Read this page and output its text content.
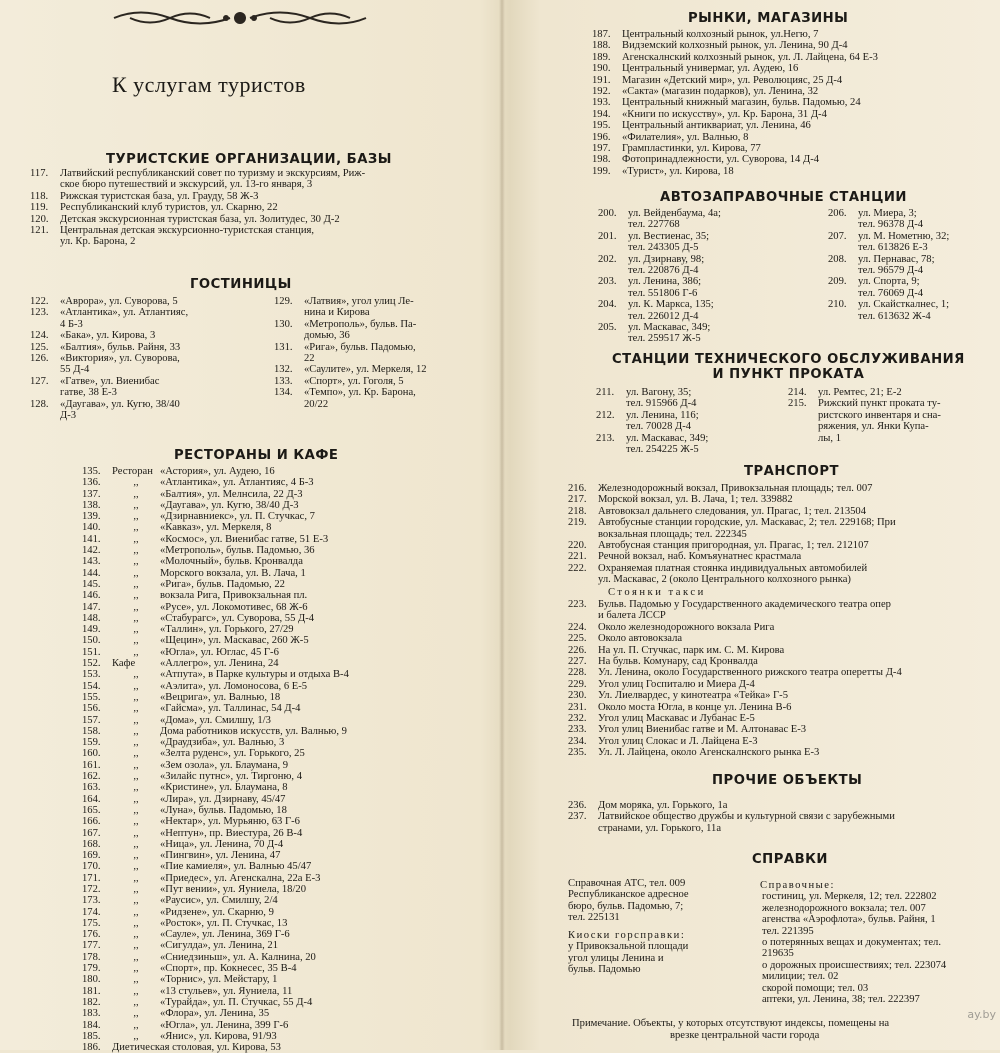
К услугам туристов
ТУРИСТСКИЕ ОРГАНИЗАЦИИ, БАЗЫ
117. Латвийский республиканский совет по туризму и экскурсиям, Риж-
ское бюро путешествий и экскурсий, ул. 13-го января, 3
118. Рижская туристская база, ул. Грауду, 58 Ж-3
119. Республиканский клуб туристов, ул. Скарню, 22
120. Детская экскурсионная туристская база, ул. Золитудес, 30 Д-2
121. Центральная детская экскурсионно-туристская станция,
ул. Кр. Барона, 2
ГОСТИНИЦЫ
122. «Аврора», ул. Суворова, 5
123. «Атлантика», ул. Атлантияс,
4 Б-3
124. «Бака», ул. Кирова, 3
125. «Балтия», бульв. Райня, 33
126. «Виктория», ул. Суворова,
55 Д-4
127. «Гатве», ул. Виенибас
гатве, 38 Е-3
128. «Даугава», ул. Кугю, 38/40
Д-3
129. «Латвия», угол улиц Ле-
нина и Кирова
130. «Метрополь», бульв. Па-
домью, 36
131. «Рига», бульв. Падомью,
22
132. «Саулите», ул. Меркеля, 12
133. «Спорт», ул. Гоголя, 5
134. «Темпо», ул. Кр. Барона,
20/22
РЕСТОРАНЫ И КАФЕ
135. Ресторан «Астория», ул. Аудею, 16
136.	,, «Атлантика», ул. Атлантияс, 4 Б-3
137.	,, «Балтия», ул. Мелнсила, 22 Д-3
138.	,, «Даугава», ул. Кугю, 38/40 Д-3
139.	,, «Дзирнавниекс», ул. П. Стучкас, 7
140.	,, «Кавказ», ул. Меркеля, 8
141.	,, «Космос», ул. Виенибас гатве, 51 Е-3
142.	,, «Метрополь», бульв. Падомью, 36
143.	,, «Молочный», бульв. Кронвалда
144.	,, Морского вокзала, ул. В. Лача, 1
145.	,, «Рига», бульв. Падомью, 22
146.	,, вокзала Рига, Привокзальная пл.
147.	,, «Русе», ул. Локомотивес, 68 Ж-6
148.	,, «Стабурагс», ул. Суворова, 55 Д-4
149.	,, «Таллин», ул. Горького, 27/29
150.	,, «Щецин», ул. Маскавас, 260 Ж-5
151.	,, «Югла», ул. Юглас, 45 Г-6
152. Кафе «Аллегро», ул. Ленина, 24
153.	,, «Атпута», в Парке культуры и отдыха В-4
154.	,, «Аэлита», ул. Ломоносова, 6 Е-5
155.	,, «Вецрига», ул. Валнью, 18
156.	,, «Гайсма», ул. Таллинас, 54 Д-4
157.	,, «Дома», ул. Смилшу, 1/3
158.	,, Дома работников искусств, ул. Валнью, 9
159.	,, «Драудзиба», ул. Валнью, 3
160.	,, «Зелта руденс», ул. Горького, 25
161.	,, «Зем озола», ул. Блаумана, 9
162.	,, «Зилайс путнс», ул. Тиргоню, 4
163.	,, «Кристине», ул. Блаумана, 8
164.	,, «Лира», ул. Дзирнаву, 45/47
165.	,, «Луна», бульв. Падомью, 18
166.	,, «Нектар», ул. Мурьяню, 63 Г-6
167.	,, «Нептун», пр. Виестура, 26 В-4
168.	,, «Ница», ул. Ленина, 70 Д-4
169.	,, «Пингвин», ул. Ленина, 47
170.	,, «Пие камиеля», ул. Валнью 45/47
171.	,, «Приедес», ул. Агенскална, 22а Е-3
172.	,, «Пут вении», ул. Яуниела, 18/20
173.	,, «Раусис», ул. Смилшу, 2/4
174.	,, «Ридзене», ул. Скарню, 9
175.	,, «Росток», ул. П. Стучкас, 13
176.	,, «Сауле», ул. Ленина, 369 Г-6
177.	,, «Сигулда», ул. Ленина, 21
178.	,, «Сниедзиньш», ул. А. Калнина, 20
179.	,, «Спорт», пр. Кокнесес, 35 В-4
180.	,, «Торнис», ул. Мейстару, 1
181.	,, «13 стульев», ул. Яуниела, 11
182.	,, «Турайда», ул. П. Стучкас, 55 Д-4
183.	,, «Флора», ул. Ленина, 35
184.	,, «Югла», ул. Ленина, 399 Г-6
185.	,, «Янис», ул. Кирова, 91/93
186. Диетическая столовая, ул. Кирова, 53
РЫНКИ, МАГАЗИНЫ
187. Центральный колхозный рынок, ул.Негю, 7
188. Видземский колхозный рынок, ул. Ленина, 90 Д-4
189. Агенскалнский колхозный рынок, ул. Л. Лайцена, 64 Е-3
190. Центральный универмаг, ул. Аудею, 16
191. Магазин «Детский мир», ул. Революцияс, 25 Д-4
192. «Сакта» (магазин подарков), ул. Ленина, 32
193. Центральный книжный магазин, бульв. Падомью, 24
194. «Книги по искусству», ул. Кр. Барона, 31 Д-4
195. Центральный антиквариат, ул. Ленина, 46
196. «Филателия», ул. Валнью, 8
197. Грампластинки, ул. Кирова, 77
198. Фотопринадлежности, ул. Суворова, 14 Д-4
199. «Турист», ул. Кирова, 18
АВТОЗАПРАВОЧНЫЕ СТАНЦИИ
200. ул. Вейденбаума, 4а;
тел. 227768
201. ул. Вестиенас, 35;
тел. 243305 Д-5
202. ул. Дзирнаву, 98;
тел. 220876 Д-4
203. ул. Ленина, 386;
тел. 551806 Г-6
204. ул. К. Маркса, 135;
тел. 226012 Д-4
205. ул. Маскавас, 349;
тел. 259517 Ж-5
206. ул. Миера, 3;
тел. 96378 Д-4
207. ул. М. Нометню, 32;
тел. 613826 Е-3
208. ул. Пернавас, 78;
тел. 96579 Д-4
209. ул. Спорта, 9;
тел. 76069 Д-4
210. ул. Скайсткалнес, 1;
тел. 613632 Ж-4
СТАНЦИИ ТЕХНИЧЕСКОГО ОБСЛУЖИВАНИЯ
И ПУНКТ ПРОКАТА
211. ул. Вагону, 35;
тел. 915966 Д-4
212. ул. Ленина, 116;
тел. 70028 Д-4
213. ул. Маскавас, 349;
тел. 254225 Ж-5
214. ул. Ремтес, 21; Е-2
215. Рижский пункт проката ту-
ристского инвентаря и сна-
ряжения, ул. Янки Купа-
лы, 1
ТРАНСПОРТ
216. Железнодорожный вокзал, Привокзальная площадь; тел. 007
217. Морской вокзал, ул. В. Лача, 1; тел. 339882
218. Автовокзал дальнего следования, ул. Прагас, 1; тел. 213504
219. Автобусные станции городские, ул. Маскавас, 2; тел. 229168; При
вокзальная площадь; тел. 222345
220. Автобусная станция пригородная, ул. Прагас, 1; тел. 212107
221. Речной вокзал, наб. Комъяунатнес крастмала
222. Охраняемая платная стоянка индивидуальных автомобилей
ул. Маскавас, 2 (около Центрального колхозного рынка)
Стоянки такси
223. Бульв. Падомью у Государственного академического театра опер
и балета ЛССР
224. Около железнодорожного вокзала Рига
225. Около автовокзала
226. На ул. П. Стучкас, парк им. С. М. Кирова
227. На бульв. Комунару, сад Кронвалда
228. Ул. Ленина, около Государственного рижского театра оперетты Д-4
229. Угол улиц Госпиталю и Миера Д-4
230. Ул. Лиелвардес, у кинотеатра «Тейка» Г-5
231. Около моста Югла, в конце ул. Ленина В-6
232. Угол улиц Маскавас и Лубанас Е-5
233. Угол улиц Виенибас гатве и М. Алтонавас Е-3
234. Угол улиц Слокас и Л. Лайцена Е-3
235. Ул. Л. Лайцена, около Агенскалнского рынка Е-3
ПРОЧИЕ ОБЪЕКТЫ
236. Дом моряка, ул. Горького, 1а
237. Латвийское общество дружбы и культурной связи с зарубежными
странами, ул. Горького, 11а
СПРАВКИ
Справочная АТС, тел. 009
Республиканское адресное
бюро, бульв. Падомью, 7;
тел. 225131
Киоски горсправки:
у Привокзальной площади
угол улицы Ленина и
бульв. Падомью
Справочные:
гостиниц, ул. Меркеля, 12; тел. 222802
железнодорожного вокзала; тел. 007
агенства «Аэрофлота», бульв. Райня, 1
тел. 221395
о потерянных вещах и документах; тел.
219635
о дорожных происшествиях; тел. 223074
милиции; тел. 02
скорой помощи; тел. 03
аптеки, ул. Ленина, 38; тел. 222397
Примечание. Объекты, у которых отсутствуют индексы, помещены на
врезке центральной части города
ay.by
